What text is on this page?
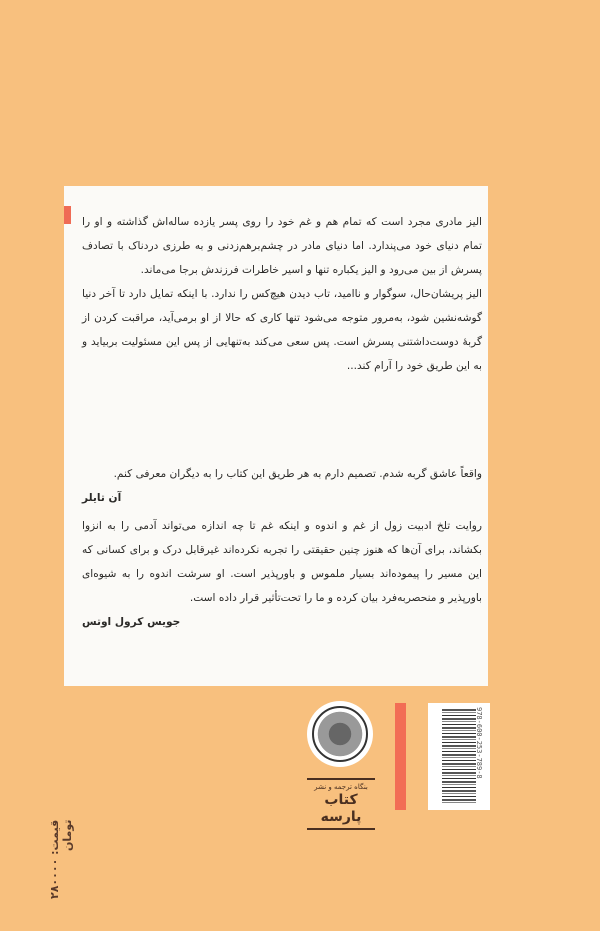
الیز مادری مجرد است که تمام هم و غم خود را روی پسر یازده ساله‌اش گذاشته و او را تمام دنیای خود می‌پندارد. اما دنیای مادر در چشم‌برهم‌زدنی و به طرزی دردناک با تصادف پسرش از بین می‌رود و الیز یکباره تنها و اسیر خاطرات فرزندش برجا می‌ماند.
الیز پریشان‌حال، سوگوار و ناامید، تاب دیدن هیچ‌کس را ندارد. با اینکه تمایل دارد تا آخر دنیا گوشه‌نشین شود، به‌مرور متوجه می‌شود تنها کاری که حالا از او برمی‌آید، مراقبت کردن از گربهٔ دوست‌داشتنی پسرش است. پس سعی می‌کند به‌تنهایی از پس این مسئولیت بربیاید و به این طریق خود را آرام کند...
واقعاً عاشق گربه شدم. تصمیم دارم به هر طریق این کتاب را به دیگران معرفی کنم.
آن تایلر
روایت تلخ ادبیت زول از غم و اندوه و اینکه غم تا چه اندازه می‌تواند آدمی را به انزوا بکشاند، برای آن‌ها که هنوز چنین حقیقتی را تجربه نکرده‌اند غیرقابل درک و برای کسانی که این مسیر را پیموده‌اند بسیار ملموس و باورپذیر است. او سرشت اندوه را به شیوه‌ای باورپذیر و منحصربه‌فرد بیان کرده و ما را تحت‌تأثیر قرار داده است.
جویس کرول اوتس
بنگاه ترجمه و نشر
کتاب پارسه
978-600-253-789-8
قیمت: ۲۸۰۰۰۰ تومان
